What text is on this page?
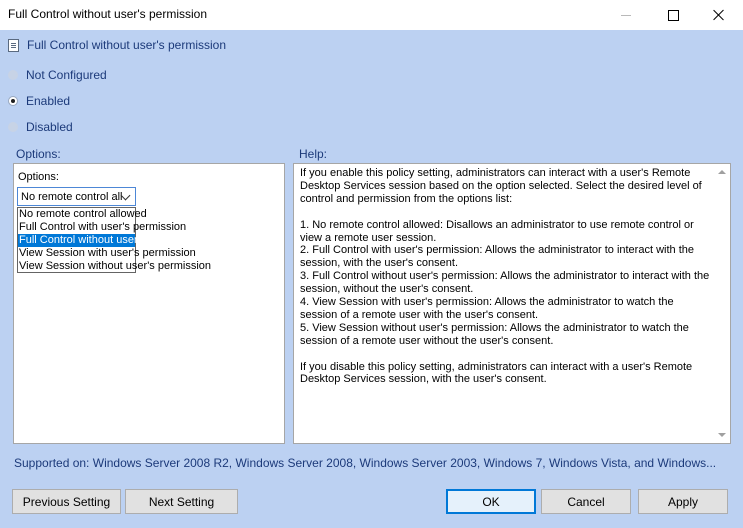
Full Control without user's permission
Full Control without user's permission
Not Configured
Enabled
Disabled
Options:	Help:
Options:
No remote control all
No remote control allowed
Full Control with user's permission
Full Control without user's permission
View Session with user's permission
View Session without user's permission

If you enable this policy setting, administrators can interact with a user's Remote Desktop Services session based on the option selected. Select the desired level of control and permission from the options list:

1. No remote control allowed: Disallows an administrator to use remote control or view a remote user session.

2. Full Control with user's permission: Allows the administrator to interact with the session, with the user's consent.

3. Full Control without user's permission: Allows the administrator to interact with the session, without the user's consent.

4. View Session with user's permission: Allows the administrator to watch the session of a remote user with the user's consent.

5. View Session without user's permission: Allows the administrator to watch the session of a remote user without the user's consent.

If you disable this policy setting, administrators can interact with a user's Remote Desktop Services session, with the user's consent.

Supported on: Windows Server 2008 R2, Windows Server 2008, Windows Server 2003, Windows 7, Windows Vista, and Windows...
Previous Setting	Next Setting	OK	Cancel	Apply
